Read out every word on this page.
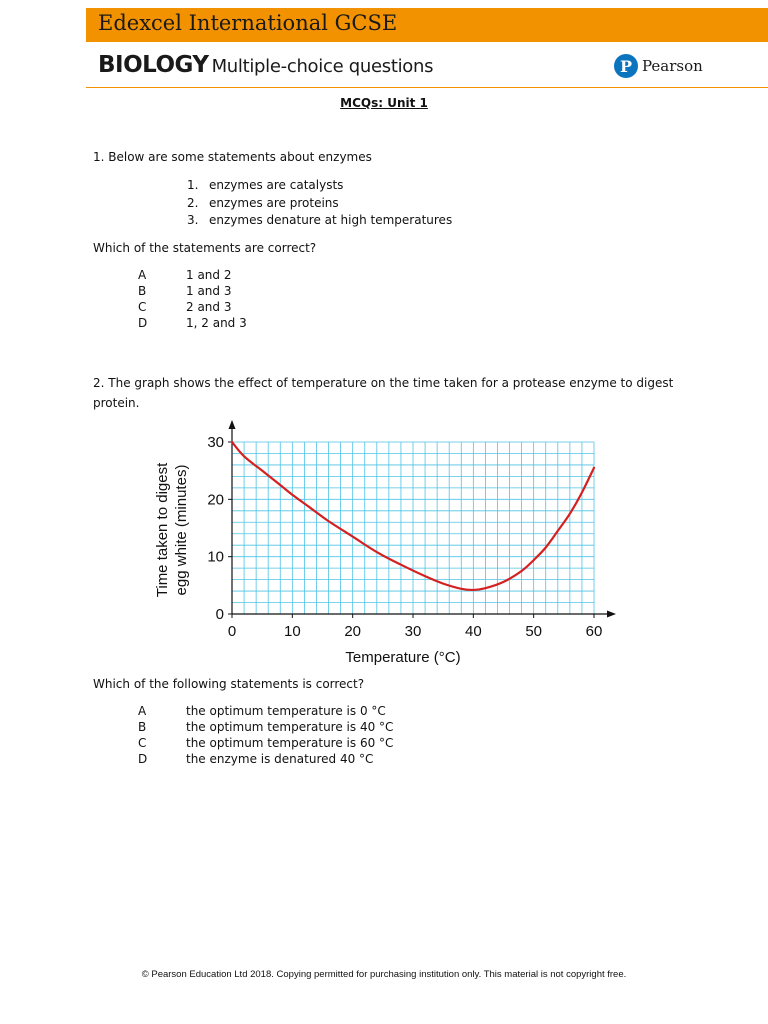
Edexcel International GCSE
BIOLOGY Multiple-choice questions	P Pearson
MCQs: Unit 1
1. Below are some statements about enzymes
1. enzymes are catalysts
2. enzymes are proteins
3. enzymes denature at high temperatures
Which of the statements are correct?
A	1 and 2
B	1 and 3
C	2 and 3
D	1, 2 and 3
2. The graph shows the effect of temperature on the time taken for a protease enzyme to digest
protein.
0	10	20	30	40	50	60
0
10
20
30
Temperature (°C)
Time taken to digest egg white (minutes)
Which of the following statements is correct?
A	the optimum temperature is 0 °C
B	the optimum temperature is 40 °C
C	the optimum temperature is 60 °C
D	the enzyme is denatured 40 °C
© Pearson Education Ltd 2018. Copying permitted for purchasing institution only. This material is not copyright free.
